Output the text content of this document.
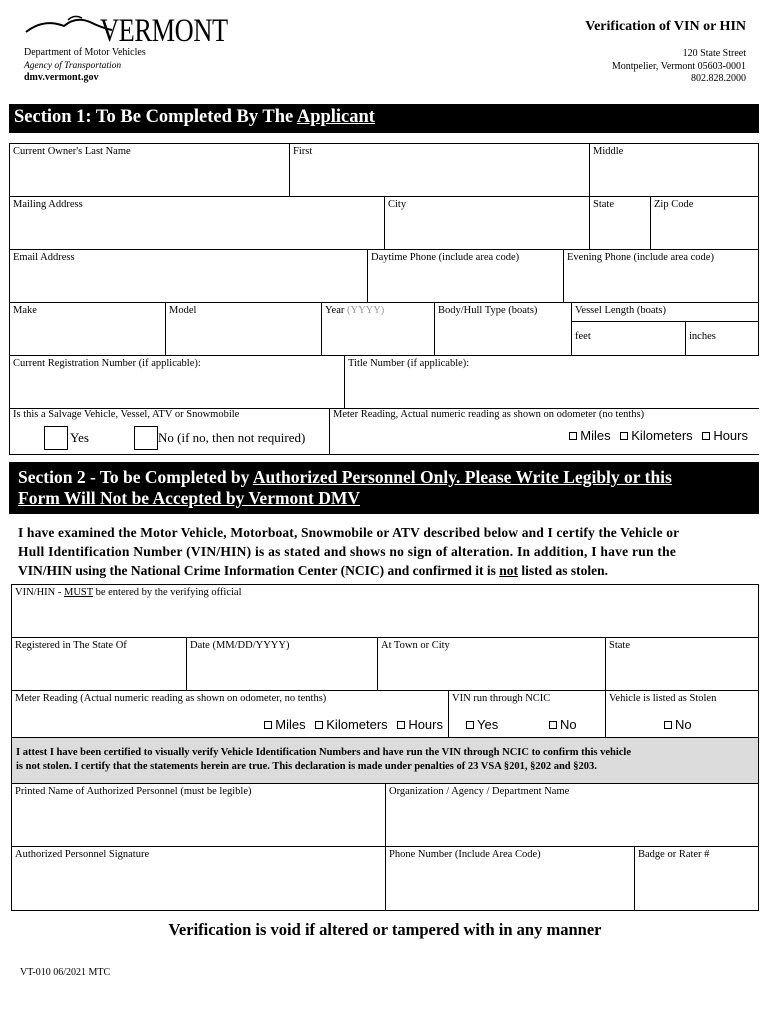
VERMONT
Department of Motor Vehicles
Agency of Transportation
dmv.vermont.gov
Verification of VIN or HIN
120 State Street
Montpelier, Vermont 05603-0001
802.828.2000
Section 1: To Be Completed By The Applicant
Current Owner's Last Name	First	Middle
Mailing Address	City	State	Zip Code
Email Address	Daytime Phone (include area code)	Evening Phone (include area code)
Make	Model	Year (YYYY)	Body/Hull Type (boats)	Vessel Length (boats)
feet	inches
Current Registration Number (if applicable):	Title Number (if applicable):
Is this a Salvage Vehicle, Vessel, ATV or Snowmobile
Yes	No (if no, then not required)
Meter Reading, Actual numeric reading as shown on odometer (no tenths)
Miles Kilometers Hours
Section 2 - To be Completed by Authorized Personnel Only. Please Write Legibly or this
Form Will Not be Accepted by Vermont DMV
I have examined the Motor Vehicle, Motorboat, Snowmobile or ATV described below and I certify the Vehicle or
Hull Identification Number (VIN/HIN) is as stated and shows no sign of alteration. In addition, I have run the
VIN/HIN using the National Crime Information Center (NCIC) and confirmed it is not listed as stolen.
VIN/HIN - MUST be entered by the verifying official
Registered in The State Of	Date (MM/DD/YYYY)	At Town or City	State
Meter Reading (Actual numeric reading as shown on odometer, no tenths)
Miles Kilometers Hours
VIN run through NCIC
Yes	No
Vehicle is listed as Stolen
No
I attest I have been certified to visually verify Vehicle Identification Numbers and have run the VIN through NCIC to confirm this vehicle
is not stolen. I certify that the statements herein are true. This declaration is made under penalties of 23 VSA §201, §202 and §203.
Printed Name of Authorized Personnel (must be legible)	Organization / Agency / Department Name
Authorized Personnel Signature	Phone Number (Include Area Code)	Badge or Rater #
Verification is void if altered or tampered with in any manner
VT-010 06/2021 MTC
